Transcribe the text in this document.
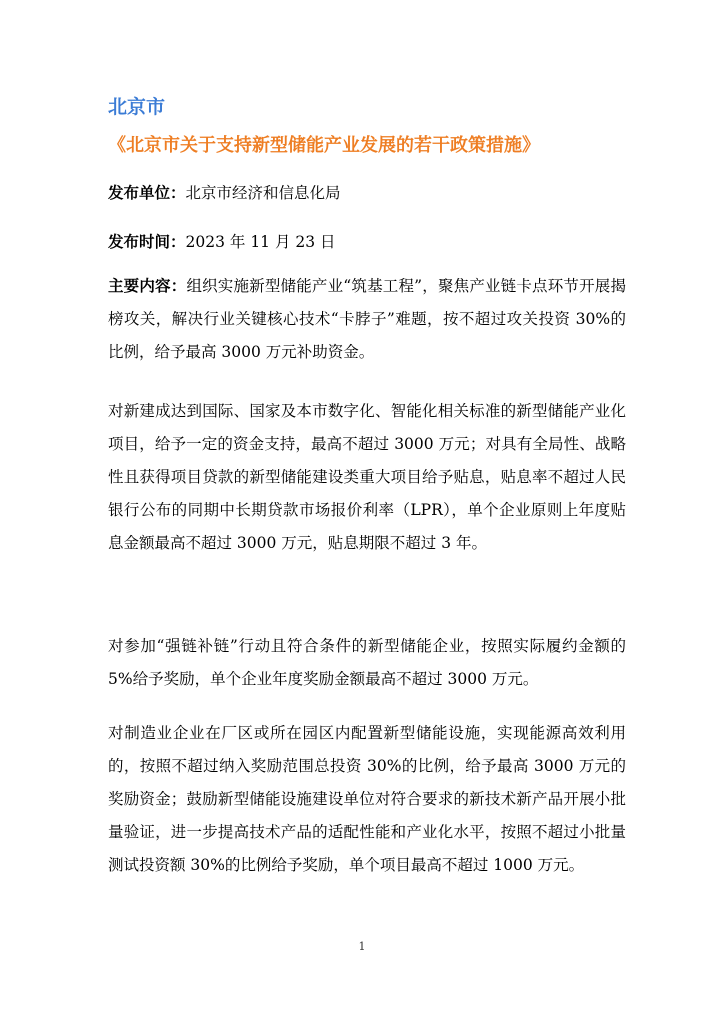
北京市
《北京市关于支持新型储能产业发展的若干政策措施》
发布单位：北京市经济和信息化局
发布时间：2023 年 11 月 23 日

主要内容：组织实施新型储能产业“筑基工程”，聚焦产业链卡点环节开展揭榜攻关，解决行业关键核心技术“卡脖子”难题，按不超过攻关投资 30%的比例，给予最高 3000 万元补助资金。

对新建成达到国际、国家及本市数字化、智能化相关标准的新型储能产业化项目，给予一定的资金支持，最高不超过 3000 万元；对具有全局性、战略性且获得项目贷款的新型储能建设类重大项目给予贴息，贴息率不超过人民银行公布的同期中长期贷款市场报价利率（LPR），单个企业原则上年度贴息金额最高不超过 3000 万元，贴息期限不超过 3 年。

对参加“强链补链”行动且符合条件的新型储能企业，按照实际履约金额的 5%给予奖励，单个企业年度奖励金额最高不超过 3000 万元。

对制造业企业在厂区或所在园区内配置新型储能设施，实现能源高效利用的，按照不超过纳入奖励范围总投资 30%的比例，给予最高 3000 万元的奖励资金；鼓励新型储能设施建设单位对符合要求的新技术新产品开展小批量验证，进一步提高技术产品的适配性能和产业化水平，按照不超过小批量测试投资额 30%的比例给予奖励，单个项目最高不超过 1000 万元。

1
